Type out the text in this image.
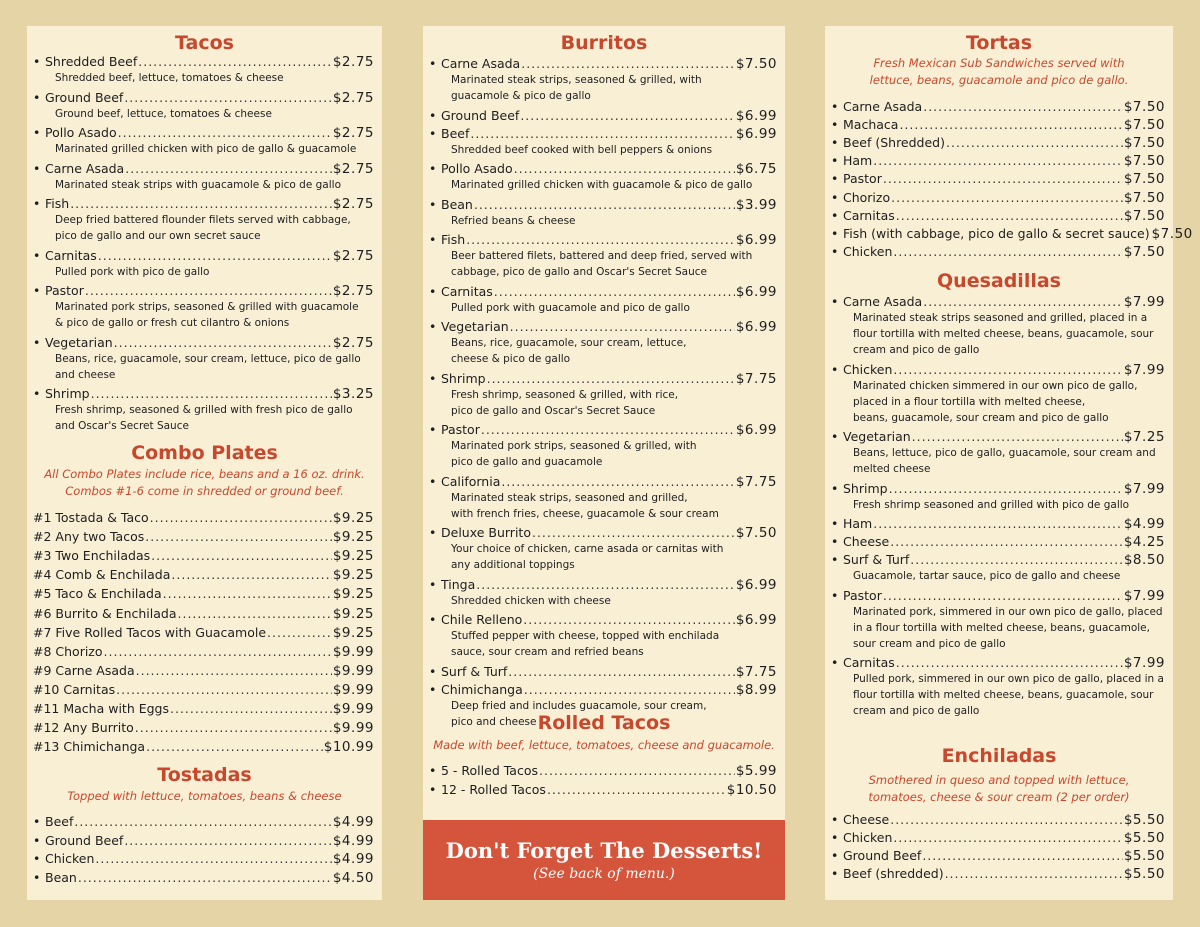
Tacos
Combo Plates
All Combo Plates include rice, beans and a 16 oz. drink.
Combos #1-6 come in shredded or ground beef.
Tostadas
Topped with lettuce, tomatoes, beans & cheese
• Shredded Beef .....	$2.75
Shredded beef, lettuce, tomatoes & cheese
• Ground Beef .....	$2.75
Ground beef, lettuce, tomatoes & cheese
• Pollo Asado .....	$2.75
Marinated grilled chicken with pico de gallo & guacamole
• Carne Asada .....	$2.75
Marinated steak strips with guacamole & pico de gallo
• Fish .....	$2.75
Deep fried battered flounder filets served with cabbage,
pico de gallo and our own secret sauce
• Carnitas .....	$2.75
Pulled pork with pico de gallo
• Pastor .....	$2.75
Marinated pork strips, seasoned & grilled with guacamole
& pico de gallo or fresh cut cilantro & onions
• Vegetarian .....	$2.75
Beans, rice, guacamole, sour cream, lettuce, pico de gallo
and cheese
• Shrimp .....	$3.25
Fresh shrimp, seasoned & grilled with fresh pico de gallo
and Oscar's Secret Sauce
#1 Tostada & Taco .....	$9.25
#2 Any two Tacos .....	$9.25
#3 Two Enchiladas .....	$9.25
#4 Comb & Enchilada .....	$9.25
#5 Taco & Enchilada .....	$9.25
#6 Burrito & Enchilada .....	$9.25
#7 Five Rolled Tacos with Guacamole .....	$9.25
#8 Chorizo .....	$9.99
#9 Carne Asada .....	$9.99
#10 Carnitas .....	$9.99
#11 Macha with Eggs .....	$9.99
#12 Any Burrito .....	$9.99
#13 Chimichanga .....	$10.99
• Beef .....	$4.99
• Ground Beef .....	$4.99
• Chicken .....	$4.99
• Bean .....	$4.50
Burritos
Rolled Tacos
Made with beef, lettuce, tomatoes, cheese and guacamole.
Don't Forget The Desserts!
(See back of menu.)
• Carne Asada .....	$7.50
Marinated steak strips, seasoned & grilled, with
guacamole & pico de gallo
• Ground Beef .....	$6.99
• Beef .....	$6.99
Shredded beef cooked with bell peppers & onions
• Pollo Asado .....	$6.75
Marinated grilled chicken with guacamole & pico de gallo
• Bean .....	$3.99
Refried beans & cheese
• Fish .....	$6.99
Beer battered filets, battered and deep fried, served with
cabbage, pico de gallo and Oscar's Secret Sauce
• Carnitas .....	$6.99
Pulled pork with guacamole and pico de gallo
• Vegetarian .....	$6.99
Beans, rice, guacamole, sour cream, lettuce,
cheese & pico de gallo
• Shrimp .....	$7.75
Fresh shrimp, seasoned & grilled, with rice,
pico de gallo and Oscar's Secret Sauce
• Pastor .....	$6.99
Marinated pork strips, seasoned & grilled, with
pico de gallo and guacamole
• California .....	$7.75
Marinated steak strips, seasoned and grilled,
with french fries, cheese, guacamole & sour cream
• Deluxe Burrito .....	$7.50
Your choice of chicken, carne asada or carnitas with
any additional toppings
• Tinga .....	$6.99
Shredded chicken with cheese
• Chile Relleno .....	$6.99
Stuffed pepper with cheese, topped with enchilada
sauce, sour cream and refried beans
• Surf & Turf .....	$7.75
• Chimichanga .....	$8.99
Deep fried and includes guacamole, sour cream,
pico and cheese
• 5 - Rolled Tacos .....	$5.99
• 12 - Rolled Tacos .....	$10.50
Tortas
Fresh Mexican Sub Sandwiches served with
lettuce, beans, guacamole and pico de gallo.
Quesadillas
Enchiladas
Smothered in queso and topped with lettuce,
tomatoes, cheese & sour cream (2 per order)
• Carne Asada .....	$7.50
• Machaca .....	$7.50
• Beef (Shredded) .....	$7.50
• Ham .....	$7.50
• Pastor .....	$7.50
• Chorizo .....	$7.50
• Carnitas .....	$7.50
• Fish (with cabbage, pico de gallo & secret sauce) $7.50
• Chicken .....	$7.50
• Carne Asada .....	$7.99
Marinated steak strips seasoned and grilled, placed in a
flour tortilla with melted cheese, beans, guacamole, sour
cream and pico de gallo
• Chicken .....	$7.99
Marinated chicken simmered in our own pico de gallo,
placed in a flour tortilla with melted cheese,
beans, guacamole, sour cream and pico de gallo
• Vegetarian .....	$7.25
Beans, lettuce, pico de gallo, guacamole, sour cream and
melted cheese
• Shrimp .....	$7.99
Fresh shrimp seasoned and grilled with pico de gallo
• Ham .....	$4.99
• Cheese .....	$4.25
• Surf & Turf .....	$8.50
Guacamole, tartar sauce, pico de gallo and cheese
• Pastor .....	$7.99
Marinated pork, simmered in our own pico de gallo, placed
in a flour tortilla with melted cheese, beans, guacamole,
sour cream and pico de gallo
• Carnitas .....	$7.99
Pulled pork, simmered in our own pico de gallo, placed in a
flour tortilla with melted cheese, beans, guacamole, sour
cream and pico de gallo
• Cheese .....	$5.50
• Chicken .....	$5.50
• Ground Beef .....	$5.50
• Beef (shredded) .....	$5.50
